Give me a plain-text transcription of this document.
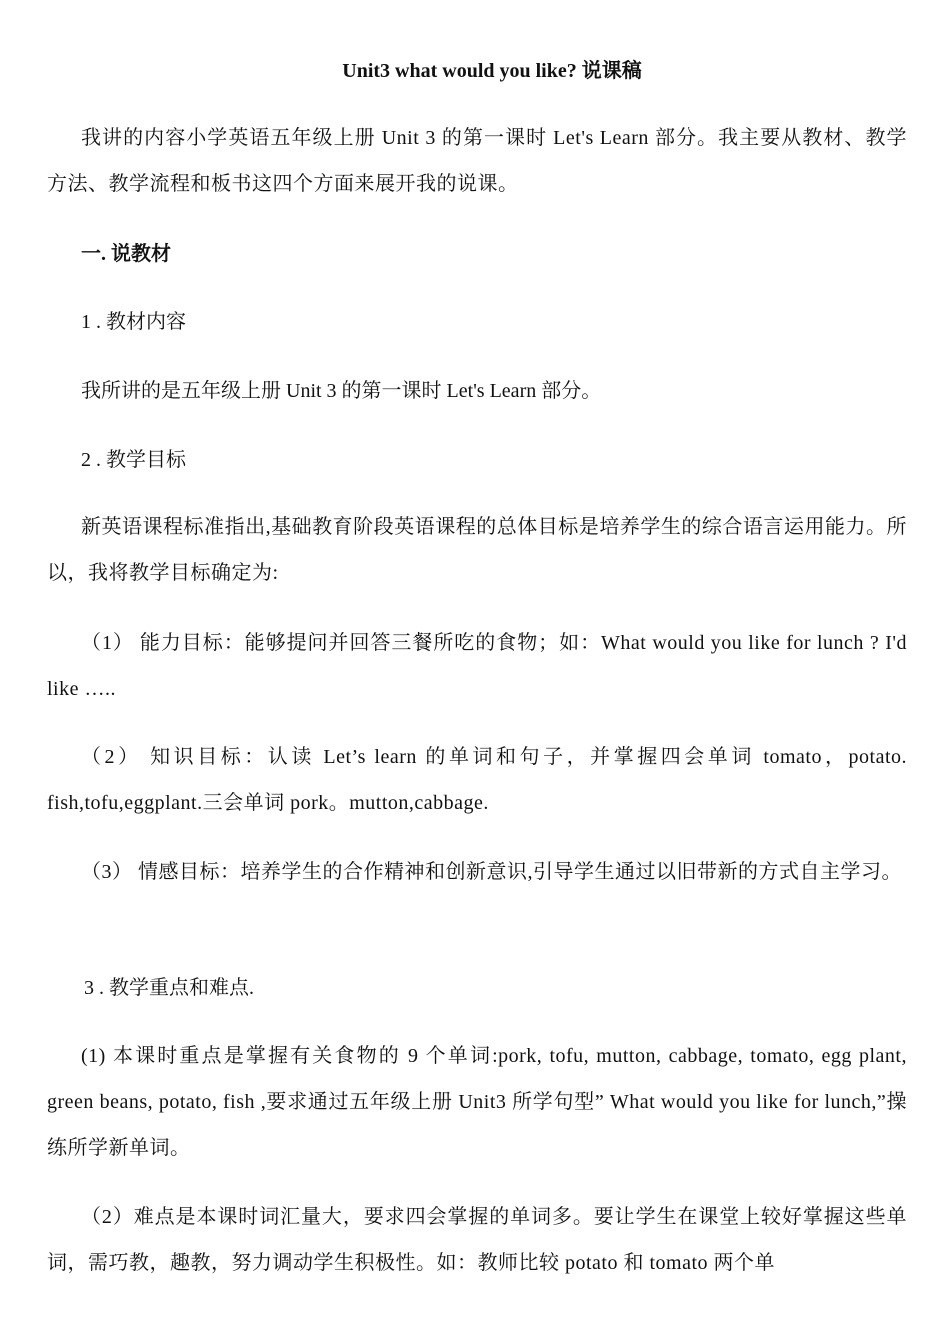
Unit3 what would you like? 说课稿
我讲的内容小学英语五年级上册 Unit 3 的第一课时 Let's Learn 部分。我主要从教材、教学方法、教学流程和板书这四个方面来展开我的说课。
一. 说教材
1 . 教材内容
我所讲的是五年级上册 Unit 3 的第一课时 Let's Learn 部分。
2 . 教学目标
新英语课程标准指出,基础教育阶段英语课程的总体目标是培养学生的综合语言运用能力。所以，我将教学目标确定为:
（1） 能力目标：能够提问并回答三餐所吃的食物；如：What would you like for lunch ? I'd like …..
（2） 知识目标：认读 Let’s learn 的单词和句子，并掌握四会单词 tomato，potato. fish,tofu,eggplant.三会单词 pork。mutton,cabbage.
（3） 情感目标：培养学生的合作精神和创新意识,引导学生通过以旧带新的方式自主学习。
3 . 教学重点和难点.
(1) 本课时重点是掌握有关食物的 9 个单词:pork, tofu, mutton, cabbage, tomato, egg plant, green beans, potato, fish ,要求通过五年级上册 Unit3 所学句型” What would you like for lunch,”操练所学新单词。
（2）难点是本课时词汇量大，要求四会掌握的单词多。要让学生在课堂上较好掌握这些单词，需巧教，趣教，努力调动学生积极性。如：教师比较 potato 和 tomato 两个单
